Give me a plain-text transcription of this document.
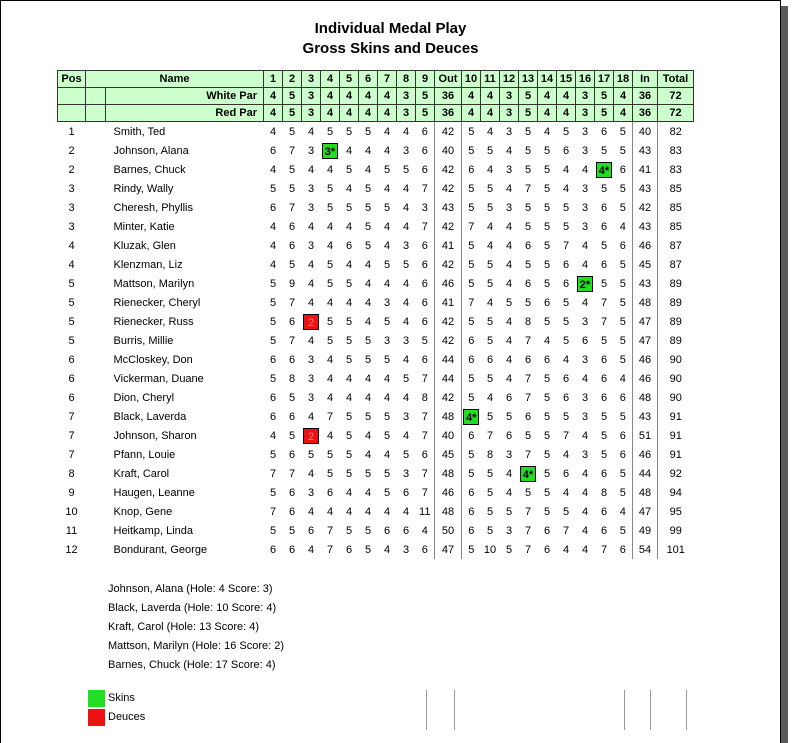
Individual Medal Play
Gross Skins and Deuces
Pos	Name		1	2	3	4	5	6	7	8	9	Out	10	11	12	13	14	15	16	17	18	In	Total
		White Par	4	5	3	4	4	4	4	3	5	36	4	4	3	5	4	4	3	5	4	36	72
		Red Par	4	5	3	4	4	4	4	3	5	36	4	4	3	5	4	4	3	5	4	36	72
1		Smith, Ted	4	5	4	5	5	5	4	4	6	42	5	4	3	5	4	5	3	6	5	40	82
2		Johnson, Alana	6	7	3	3*	4	4	4	3	6	40	5	5	4	5	5	6	3	5	5	43	83
2		Barnes, Chuck	4	5	4	4	5	4	5	5	6	42	6	4	3	5	5	4	4	4*	6	41	83
3		Rindy, Wally	5	5	3	5	4	5	4	4	7	42	5	5	4	7	5	4	3	5	5	43	85
3		Cheresh, Phyllis	6	7	3	5	5	5	5	4	3	43	5	5	3	5	5	5	3	6	5	42	85
3		Minter, Katie	4	6	4	4	4	5	4	4	7	42	7	4	4	5	5	5	3	6	4	43	85
4		Kluzak, Glen	4	6	3	4	6	5	4	3	6	41	5	4	4	6	5	7	4	5	6	46	87
4		Klenzman, Liz	4	5	4	5	4	4	5	5	6	42	5	5	4	5	5	6	4	6	5	45	87
5		Mattson, Marilyn	5	9	4	5	5	4	4	4	6	46	5	5	4	6	5	6	2*	5	5	43	89
5		Rienecker, Cheryl	5	7	4	4	4	4	3	4	6	41	7	4	5	5	6	5	4	7	5	48	89
5		Rienecker, Russ	5	6	2	5	5	4	5	4	6	42	5	5	4	8	5	5	3	7	5	47	89
5		Burris, Millie	5	7	4	5	5	5	3	3	5	42	6	5	4	7	4	5	6	5	5	47	89
6		McCloskey, Don	6	6	3	4	5	5	5	4	6	44	6	6	4	6	6	4	3	6	5	46	90
6		Vickerman, Duane	5	8	3	4	4	4	4	5	7	44	5	5	4	7	5	6	4	6	4	46	90
6		Dion, Cheryl	6	5	3	4	4	4	4	4	8	42	5	4	6	7	5	6	3	6	6	48	90
7		Black, Laverda	6	6	4	7	5	5	5	3	7	48	4*	5	5	6	5	5	3	5	5	43	91
7		Johnson, Sharon	4	5	2	4	5	4	5	4	7	40	6	7	6	5	5	7	4	5	6	51	91
7		Pfann, Louie	5	6	5	5	5	4	4	5	6	45	5	8	3	7	5	4	3	5	6	46	91
8		Kraft, Carol	7	7	4	5	5	5	5	3	7	48	5	5	4	4*	5	6	4	6	5	44	92
9		Haugen, Leanne	5	6	3	6	4	4	5	6	7	46	6	5	4	5	5	4	4	8	5	48	94
10		Knop, Gene	7	6	4	4	4	4	4	4	11	48	6	5	5	7	5	5	4	6	4	47	95
11		Heitkamp, Linda	5	5	6	7	5	5	6	6	4	50	6	5	3	7	6	7	4	6	5	49	99
12		Bondurant, George	6	6	4	7	6	5	4	3	6	47	5	10	5	7	6	4	4	7	6	54	101
Johnson, Alana (Hole: 4 Score: 3)
Black, Laverda (Hole: 10 Score: 4)
Kraft, Carol (Hole: 13 Score: 4)
Mattson, Marilyn (Hole: 16 Score: 2)
Barnes, Chuck (Hole: 17 Score: 4)
Skins
Deuces
